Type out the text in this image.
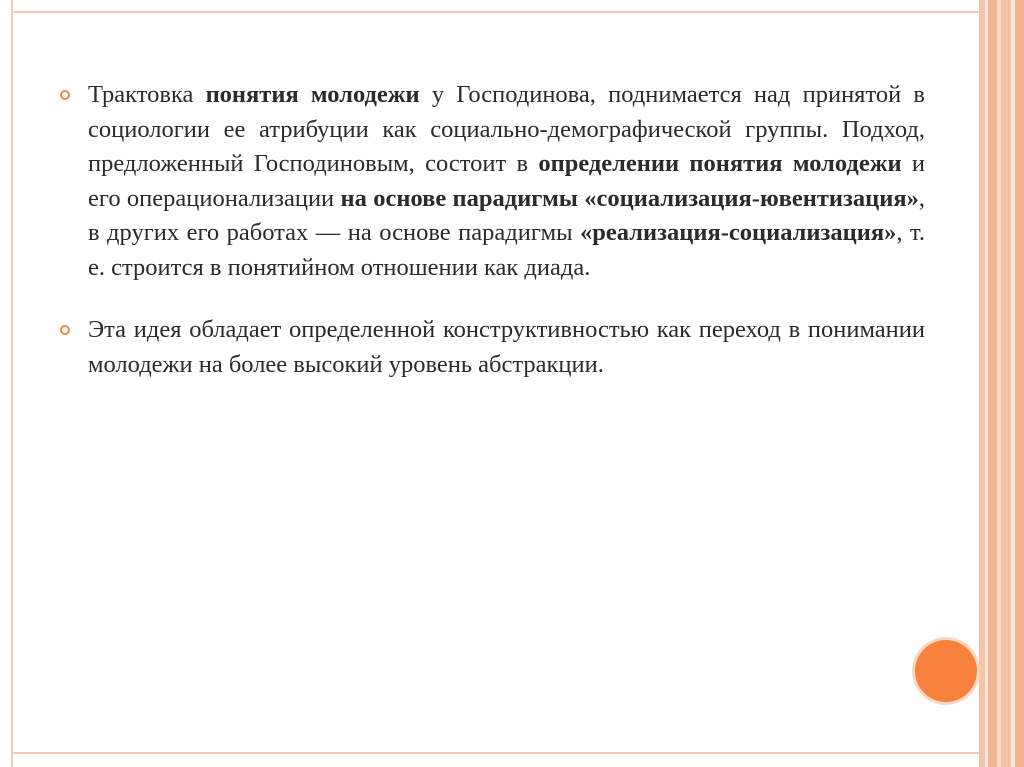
Трактовка понятия молодежи у Господинова, поднимается над принятой в социологии ее атрибуции как социально-демографической группы. Подход, предложенный Господиновым, состоит в определении понятия молодежи и его операционализации на основе парадигмы «социализация-ювентизация», в других его работах — на основе парадигмы «реализация-социализация», т. е. строится в понятийном отношении как диада.

Эта идея обладает определенной конструктивностью как переход в понимании молодежи на более высокий уровень абстракции.
